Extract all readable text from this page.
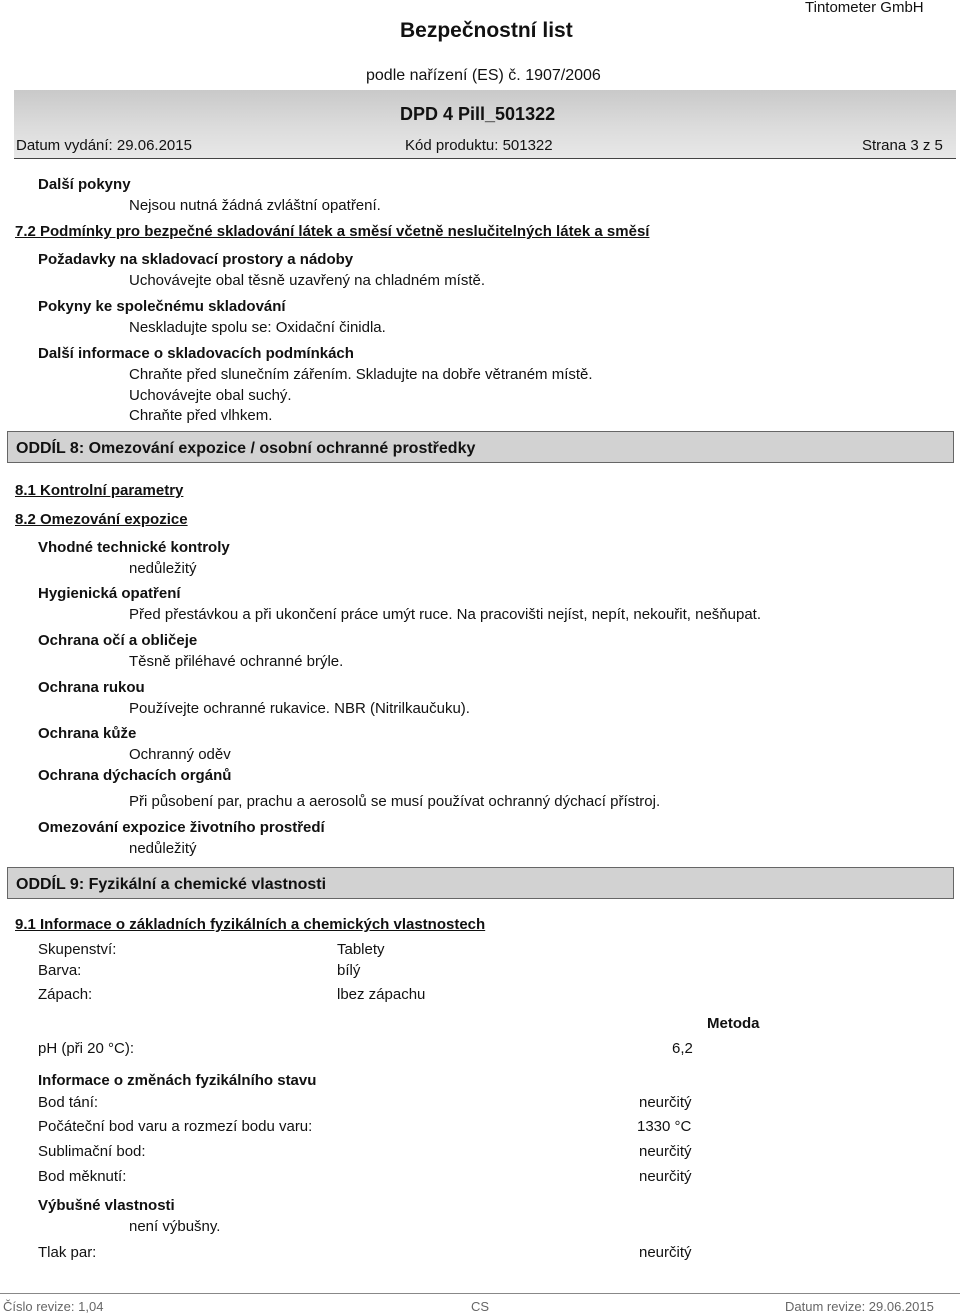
Bezpečnostní list
Tintometer GmbH
podle nařízení (ES) č. 1907/2006
DPD 4 Pill_501322
Datum vydání: 29.06.2015	Kód produktu: 501322	Strana 3 z 5
Další pokyny
Nejsou nutná žádná zvláštní opatření.
7.2 Podmínky pro bezpečné skladování látek a směsí včetně neslučitelných látek a směsí
Požadavky na skladovací prostory a nádoby
Uchovávejte obal těsně uzavřený na chladném místě.
Pokyny ke společnému skladování
Neskladujte spolu se: Oxidační činidla.
Další informace o skladovacích podmínkách
Chraňte před slunečním zářením. Skladujte na dobře větraném místě.
Uchovávejte obal suchý.
Chraňte před vlhkem.
ODDÍL 8: Omezování expozice / osobní ochranné prostředky
8.1 Kontrolní parametry
8.2 Omezování expozice
Vhodné technické kontroly
nedůležitý
Hygienická opatření
Před přestávkou a při ukončení práce umýt ruce. Na pracovišti nejíst, nepít, nekouřit, nešňupat.
Ochrana očí a obličeje
Těsně přiléhavé ochranné brýle.
Ochrana rukou
Používejte ochranné rukavice. NBR (Nitrilkaučuku).
Ochrana kůže
Ochranný oděv
Ochrana dýchacích orgánů
Při působení par, prachu a aerosolů se musí používat ochranný dýchací přístroj.
Omezování expozice životního prostředí
nedůležitý
ODDÍL 9: Fyzikální a chemické vlastnosti
9.1 Informace o základních fyzikálních a chemických vlastnostech
Skupenství:	Tablety
Barva:	bílý
Zápach:	lbez zápachu
Metoda
pH (při 20 °C):	6,2
Informace o změnách fyzikálního stavu
Bod tání:	neurčitý
Počáteční bod varu a rozmezí bodu varu:	1330 °C
Sublimační bod:	neurčitý
Bod měknutí:	neurčitý
Výbušné vlastnosti
není výbušny.
Tlak par:	neurčitý
Číslo revize: 1,04	CS	Datum revize: 29.06.2015
